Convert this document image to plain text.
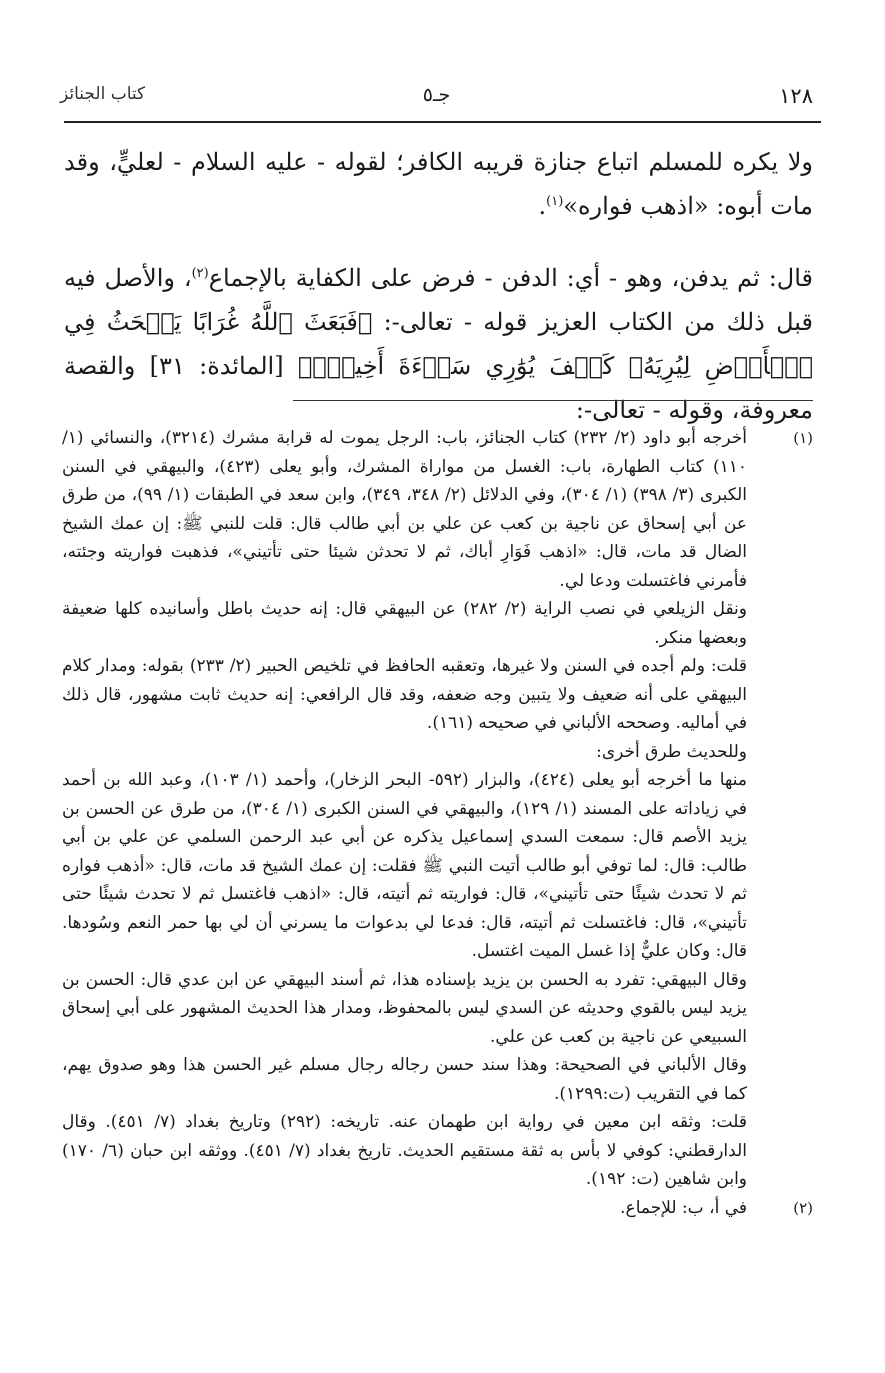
١٢٨
جـ٥
كتاب الجنائز

ولا يكره للمسلم اتباع جنازة قريبه الكافر؛ لقوله - عليه السلام - لعليٍّ، وقد مات أبوه: «اذهب فواره»$^{(١)}$.

قال: ثم يدفن، وهو - أي: الدفن - فرض على الكفاية بالإجماع$^{(٢)}$، والأصل فيه قبل ذلك من الكتاب العزيز قوله - تعالى-: ﴿فَبَعَثَ ٱللَّهُ غُرَابًا يَبۡحَثُ فِي ٱلۡأَرۡضِ لِيُرِيَهُۥ كَيۡفَ يُوَٰرِي سَوۡءَةَ أَخِيهِۚ﴾ [المائدة: ٣١] والقصة معروفة، وقوله - تعالى-:

(١)

أخرجه أبو داود (٢/ ٢٣٢) كتاب الجنائز، باب: الرجل يموت له قرابة مشرك (٣٢١٤)، والنسائي (١/ ١١٠) كتاب الطهارة، باب: الغسل من مواراة المشرك، وأبو يعلى (٤٢٣)، والبيهقي في السنن الكبرى (٣/ ٣٩٨) (١/ ٣٠٤)، وفي الدلائل (٢/ ٣٤٨، ٣٤٩)، وابن سعد في الطبقات (١/ ٩٩)، من طرق عن أبي إسحاق عن ناجية بن كعب عن علي بن أبي طالب قال: قلت للنبي ﷺ: إن عمك الشيخ الضال قد مات، قال: «اذهب فَوَارِ أباك، ثم لا تحدثن شيئا حتى تأتيني»، فذهبت فواريته وجئته، فأمرني فاغتسلت ودعا لي.

ونقل الزيلعي في نصب الراية (٢/ ٢٨٢) عن البيهقي قال: إنه حديث باطل وأسانيده كلها ضعيفة وبعضها منكر.

قلت: ولم أجده في السنن ولا غيرها، وتعقبه الحافظ في تلخيص الحبير (٢/ ٢٣٣) بقوله: ومدار كلام البيهقي على أنه ضعيف ولا يتبين وجه ضعفه، وقد قال الرافعي: إنه حديث ثابت مشهور، قال ذلك في أماليه. وصححه الألباني في صحيحه (١٦١).

وللحديث طرق أخرى:

منها ما أخرجه أبو يعلى (٤٢٤)، والبزار (٥٩٢- البحر الزخار)، وأحمد (١/ ١٠٣)، وعبد الله بن أحمد في زياداته على المسند (١/ ١٢٩)، والبيهقي في السنن الكبرى (١/ ٣٠٤)، من طرق عن الحسن بن يزيد الأصم قال: سمعت السدي إسماعيل يذكره عن أبي عبد الرحمن السلمي عن علي بن أبي طالب: قال: لما توفي أبو طالب أتيت النبي ﷺ فقلت: إن عمك الشيخ قد مات، قال: «أذهب فواره ثم لا تحدث شيئًا حتى تأتيني»، قال: فواريته ثم أتيته، قال: «اذهب فاغتسل ثم لا تحدث شيئًا حتى تأتيني»، قال: فاغتسلت ثم أتيته، قال: فدعا لي بدعوات ما يسرني أن لي بها حمر النعم وسُودها. قال: وكان عليٌّ إذا غسل الميت اغتسل.

وقال البيهقي: تفرد به الحسن بن يزيد بإسناده هذا، ثم أسند البيهقي عن ابن عدي قال: الحسن بن يزيد ليس بالقوي وحديثه عن السدي ليس بالمحفوظ، ومدار هذا الحديث المشهور على أبي إسحاق السبيعي عن ناجية بن كعب عن علي.

وقال الألباني في الصحيحة: وهذا سند حسن رجاله رجال مسلم غير الحسن هذا وهو صدوق يهم، كما في التقريب (ت:١٢٩٩).

قلت: وثقه ابن معين في رواية ابن طهمان عنه. تاريخه: (٢٩٢) وتاريخ بغداد (٧/ ٤٥١). وقال الدارقطني: كوفي لا بأس به ثقة مستقيم الحديث. تاريخ بغداد (٧/ ٤٥١). ووثقه ابن حبان (٦/ ١٧٠) وابن شاهين (ت: ١٩٢).

(٢)

في أ، ب: للإجماع.
